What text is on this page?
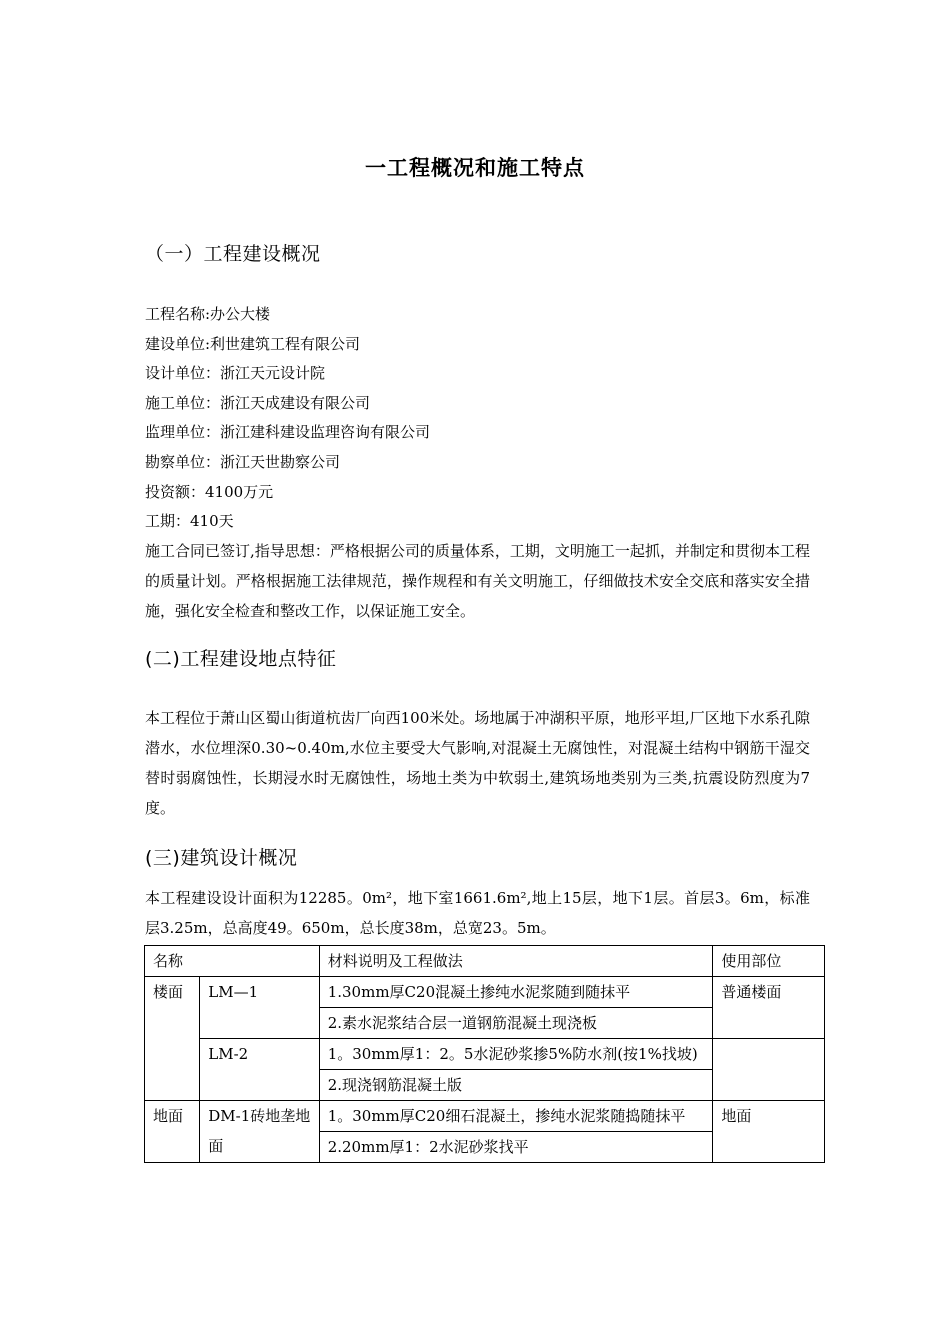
一工程概况和施工特点
（一）工程建设概况
工程名称:办公大楼
建设单位:利世建筑工程有限公司
设计单位：浙江天元设计院
施工单位：浙江天成建设有限公司
监理单位：浙江建科建设监理咨询有限公司
勘察单位：浙江天世勘察公司
投资额：4100万元
工期：410天
施工合同已签订,指导思想：严格根据公司的质量体系，工期，文明施工一起抓，并制定和贯彻本工程的质量计划。严格根据施工法律规范，操作规程和有关文明施工，仔细做技术安全交底和落实安全措施，强化安全检查和整改工作，以保证施工安全。
(二)工程建设地点特征
本工程位于萧山区蜀山街道杭齿厂向西100米处。场地属于冲湖积平原，地形平坦,厂区地下水系孔隙潜水，水位埋深0.30~0.40m,水位主要受大气影响,对混凝土无腐蚀性，对混凝土结构中钢筋干湿交替时弱腐蚀性，长期浸水时无腐蚀性，场地土类为中软弱土,建筑场地类别为三类,抗震设防烈度为7度。
(三)建筑设计概况
本工程建设设计面积为12285。0m²，地下室1661.6m²,地上15层，地下1层。首层3。6m，标准层3.25m，总高度49。650m，总长度38m，总宽23。5m。
名称		材料说明及工程做法	使用部位
楼面	LM—1	1.30mm厚C20混凝土掺纯水泥浆随到随抹平	普通楼面
		2.素水泥浆结合层一道钢筋混凝土现浇板	
	LM-2	1。30mm厚1：2。5水泥砂浆掺5%防水剂(按1%找坡)	
		2.现浇钢筋混凝土版	
地面	DM-1砖地垄地面	1。30mm厚C20细石混凝土，掺纯水泥浆随捣随抹平	地面
		2.20mm厚1：2水泥砂浆找平	
